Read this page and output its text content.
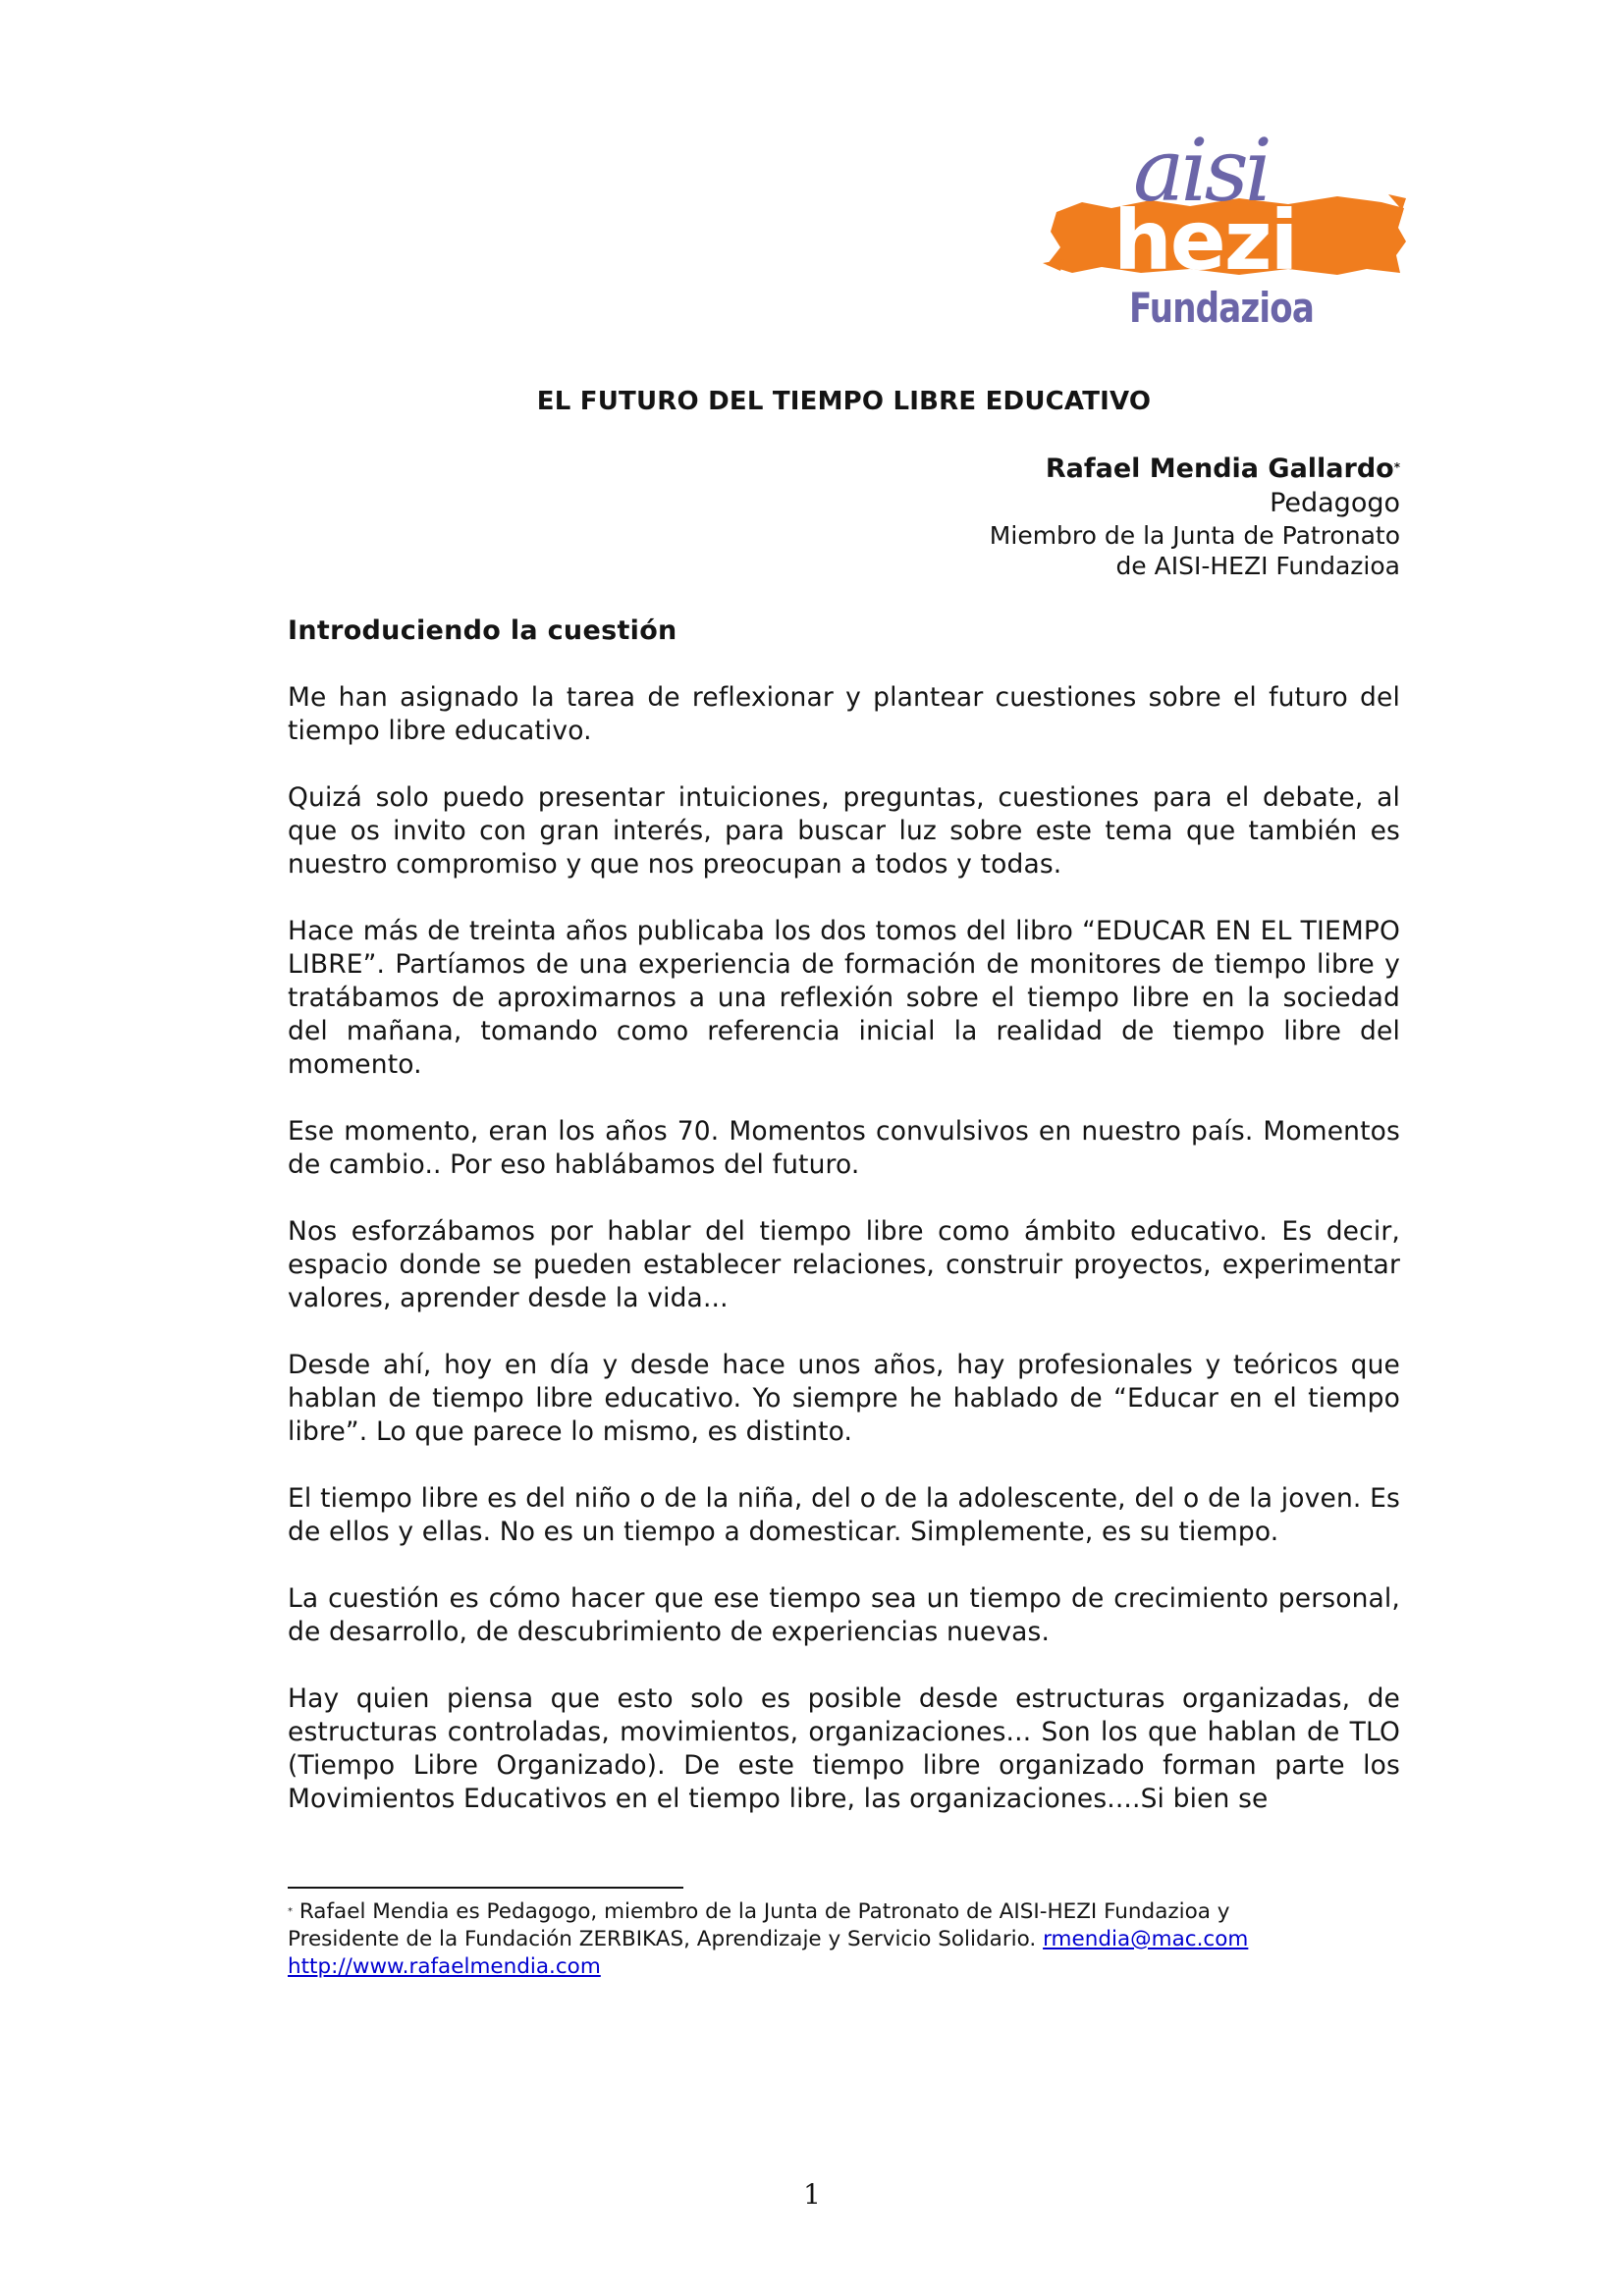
aisi
hezi
Fundazioa
EL FUTURO DEL TIEMPO LIBRE EDUCATIVO
Rafael Mendia Gallardo*
Pedagogo
Miembro de la Junta de Patronato
de AISI-HEZI Fundazioa
Introduciendo la cuestión

Me han asignado la tarea de reflexionar y plantear cuestiones sobre el futuro del tiempo libre educativo.

Quizá solo puedo presentar intuiciones, preguntas, cuestiones para el debate, al que os invito con gran interés, para buscar luz sobre este tema que también es nuestro compromiso y que nos preocupan a todos y todas.

Hace más de treinta años publicaba los dos tomos del libro “EDUCAR EN EL TIEMPO LIBRE”. Partíamos de una experiencia de formación de monitores de tiempo libre y tratábamos de aproximarnos a una reflexión sobre el tiempo libre en la sociedad del mañana, tomando como referencia inicial la realidad de tiempo libre del momento.

Ese momento, eran los años 70. Momentos convulsivos en nuestro país. Momentos de cambio.. Por eso hablábamos del futuro.

Nos esforzábamos por hablar del tiempo libre como ámbito educativo. Es decir, espacio donde se pueden establecer relaciones, construir proyectos, experimentar valores, aprender desde la vida...

Desde ahí, hoy en día y desde hace unos años, hay profesionales y teóricos que hablan de tiempo libre educativo. Yo siempre he hablado de “Educar en el tiempo libre”. Lo que parece lo mismo, es distinto.

El tiempo libre es del niño o de la niña, del o de la adolescente, del o de la joven. Es de ellos y ellas. No es un tiempo a domesticar. Simplemente, es su tiempo.

La cuestión es cómo hacer que ese tiempo sea un tiempo de crecimiento personal, de desarrollo, de descubrimiento de experiencias nuevas.

Hay quien piensa que esto solo es posible desde estructuras organizadas, de estructuras controladas, movimientos, organizaciones... Son los que hablan de TLO (Tiempo Libre Organizado). De este tiempo libre organizado forman parte los Movimientos Educativos en el tiempo libre, las organizaciones....Si bien se

* Rafael Mendia es Pedagogo, miembro de la Junta de Patronato de AISI-HEZI Fundazioa y
Presidente de la Fundación ZERBIKAS, Aprendizaje y Servicio Solidario. rmendia@mac.com
http://www.rafaelmendia.com
1
